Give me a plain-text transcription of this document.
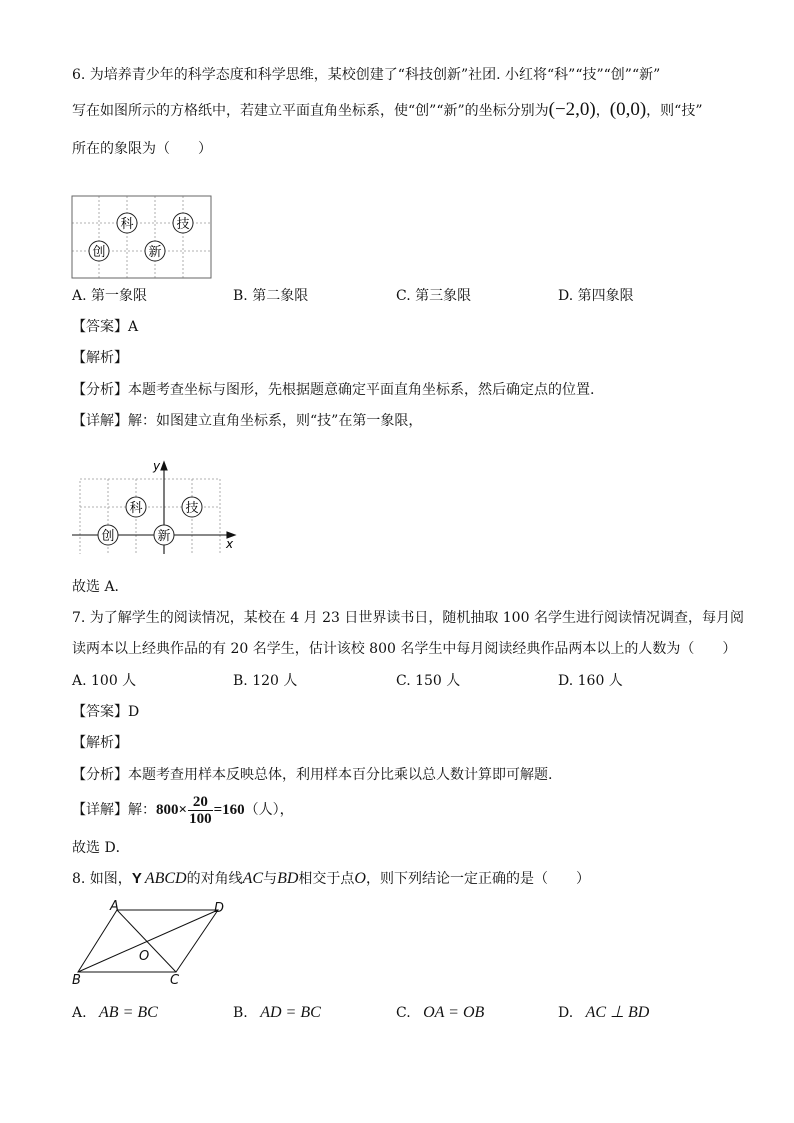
6. 为培养青少年的科学态度和科学思维，某校创建了“科技创新”社团. 小红将“科”“技”“创”“新”
写在如图所示的方格纸中，若建立平面直角坐标系，使“创”“新”的坐标分别为(−2,0)，(0,0)，则“技”
所在的象限为（　　）
科	技
创	新
A. 第一象限	B. 第二象限	C. 第三象限	D. 第四象限
【答案】A
【解析】
【分析】本题考查坐标与图形，先根据题意确定平面直角坐标系，然后确定点的位置.
【详解】解：如图建立直角坐标系，则“技”在第一象限，
x
y
科	技
创	新
故选 A．
7. 为了解学生的阅读情况，某校在 4 月 23 日世界读书日，随机抽取 100 名学生进行阅读情况调查，每月阅
读两本以上经典作品的有 20 名学生，估计该校 800 名学生中每月阅读经典作品两本以上的人数为（　　）
A. 100 人	B. 120 人	C. 150 人	D. 160 人
【答案】D
【解析】
【分析】本题考查用样本反映总体，利用样本百分比乘以总人数计算即可解题.
【详解】解：$800\times \frac{20}{100} =160$（人），
故选 D．
8. 如图，Y ABCD的对角线AC与BD相交于点O，则下列结论一定正确的是（　　）
A	D
B	C
O
A. AB = BC	B. AD = BC	C. OA = OB	D. AC ⊥ BD
